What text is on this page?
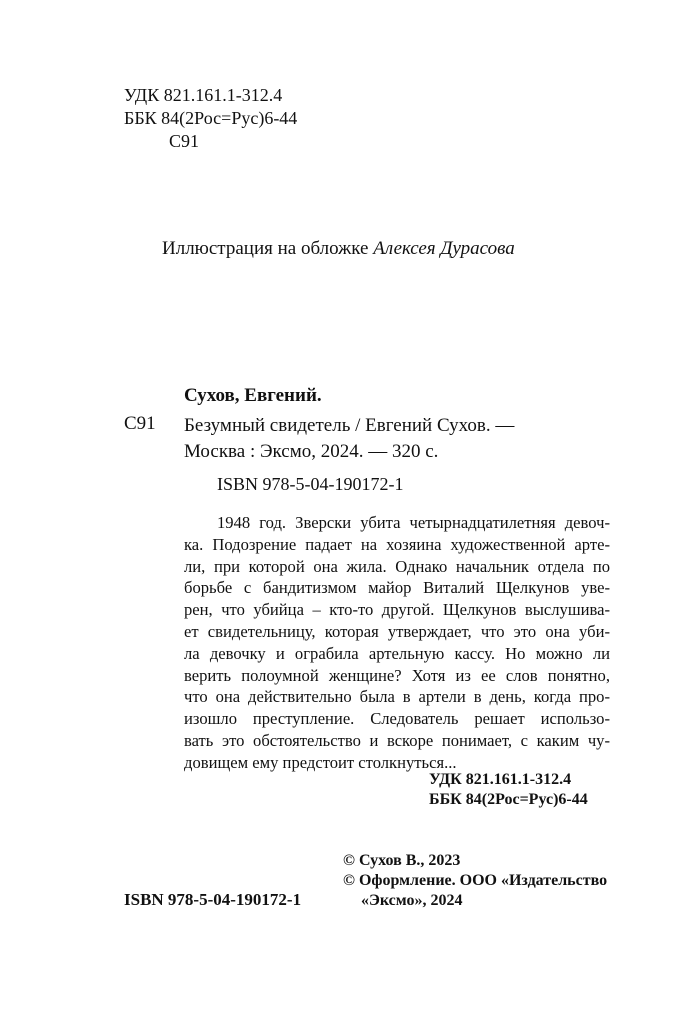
УДК 821.161.1-312.4
ББК 84(2Рос=Рус)6-44
С91
Иллюстрация на обложке Алексея Дурасова
Сухов, Евгений.
С91 Безумный свидетель / Евгений Сухов. —
Москва : Эксмо, 2024. — 320 с.
ISBN 978-5-04-190172-1
1948 год. Зверски убита четырнадцатилетняя девоч-
ка. Подозрение падает на хозяина художественной арте-
ли, при которой она жила. Однако начальник отдела по
борьбе с бандитизмом майор Виталий Щелкунов уве-
рен, что убийца – кто-то другой. Щелкунов выслушива-
ет свидетельницу, которая утверждает, что это она уби-
ла девочку и ограбила артельную кассу. Но можно ли
верить полоумной женщине? Хотя из ее слов понятно,
что она действительно была в артели в день, когда про-
изошло преступление. Следователь решает использо-
вать это обстоятельство и вскоре понимает, с каким чу-
довищем ему предстоит столкнуться...
УДК 821.161.1-312.4
ББК 84(2Рос=Рус)6-44
© Сухов В., 2023
© Оформление. ООО «Издательство
«Эксмо», 2024
ISBN 978-5-04-190172-1
